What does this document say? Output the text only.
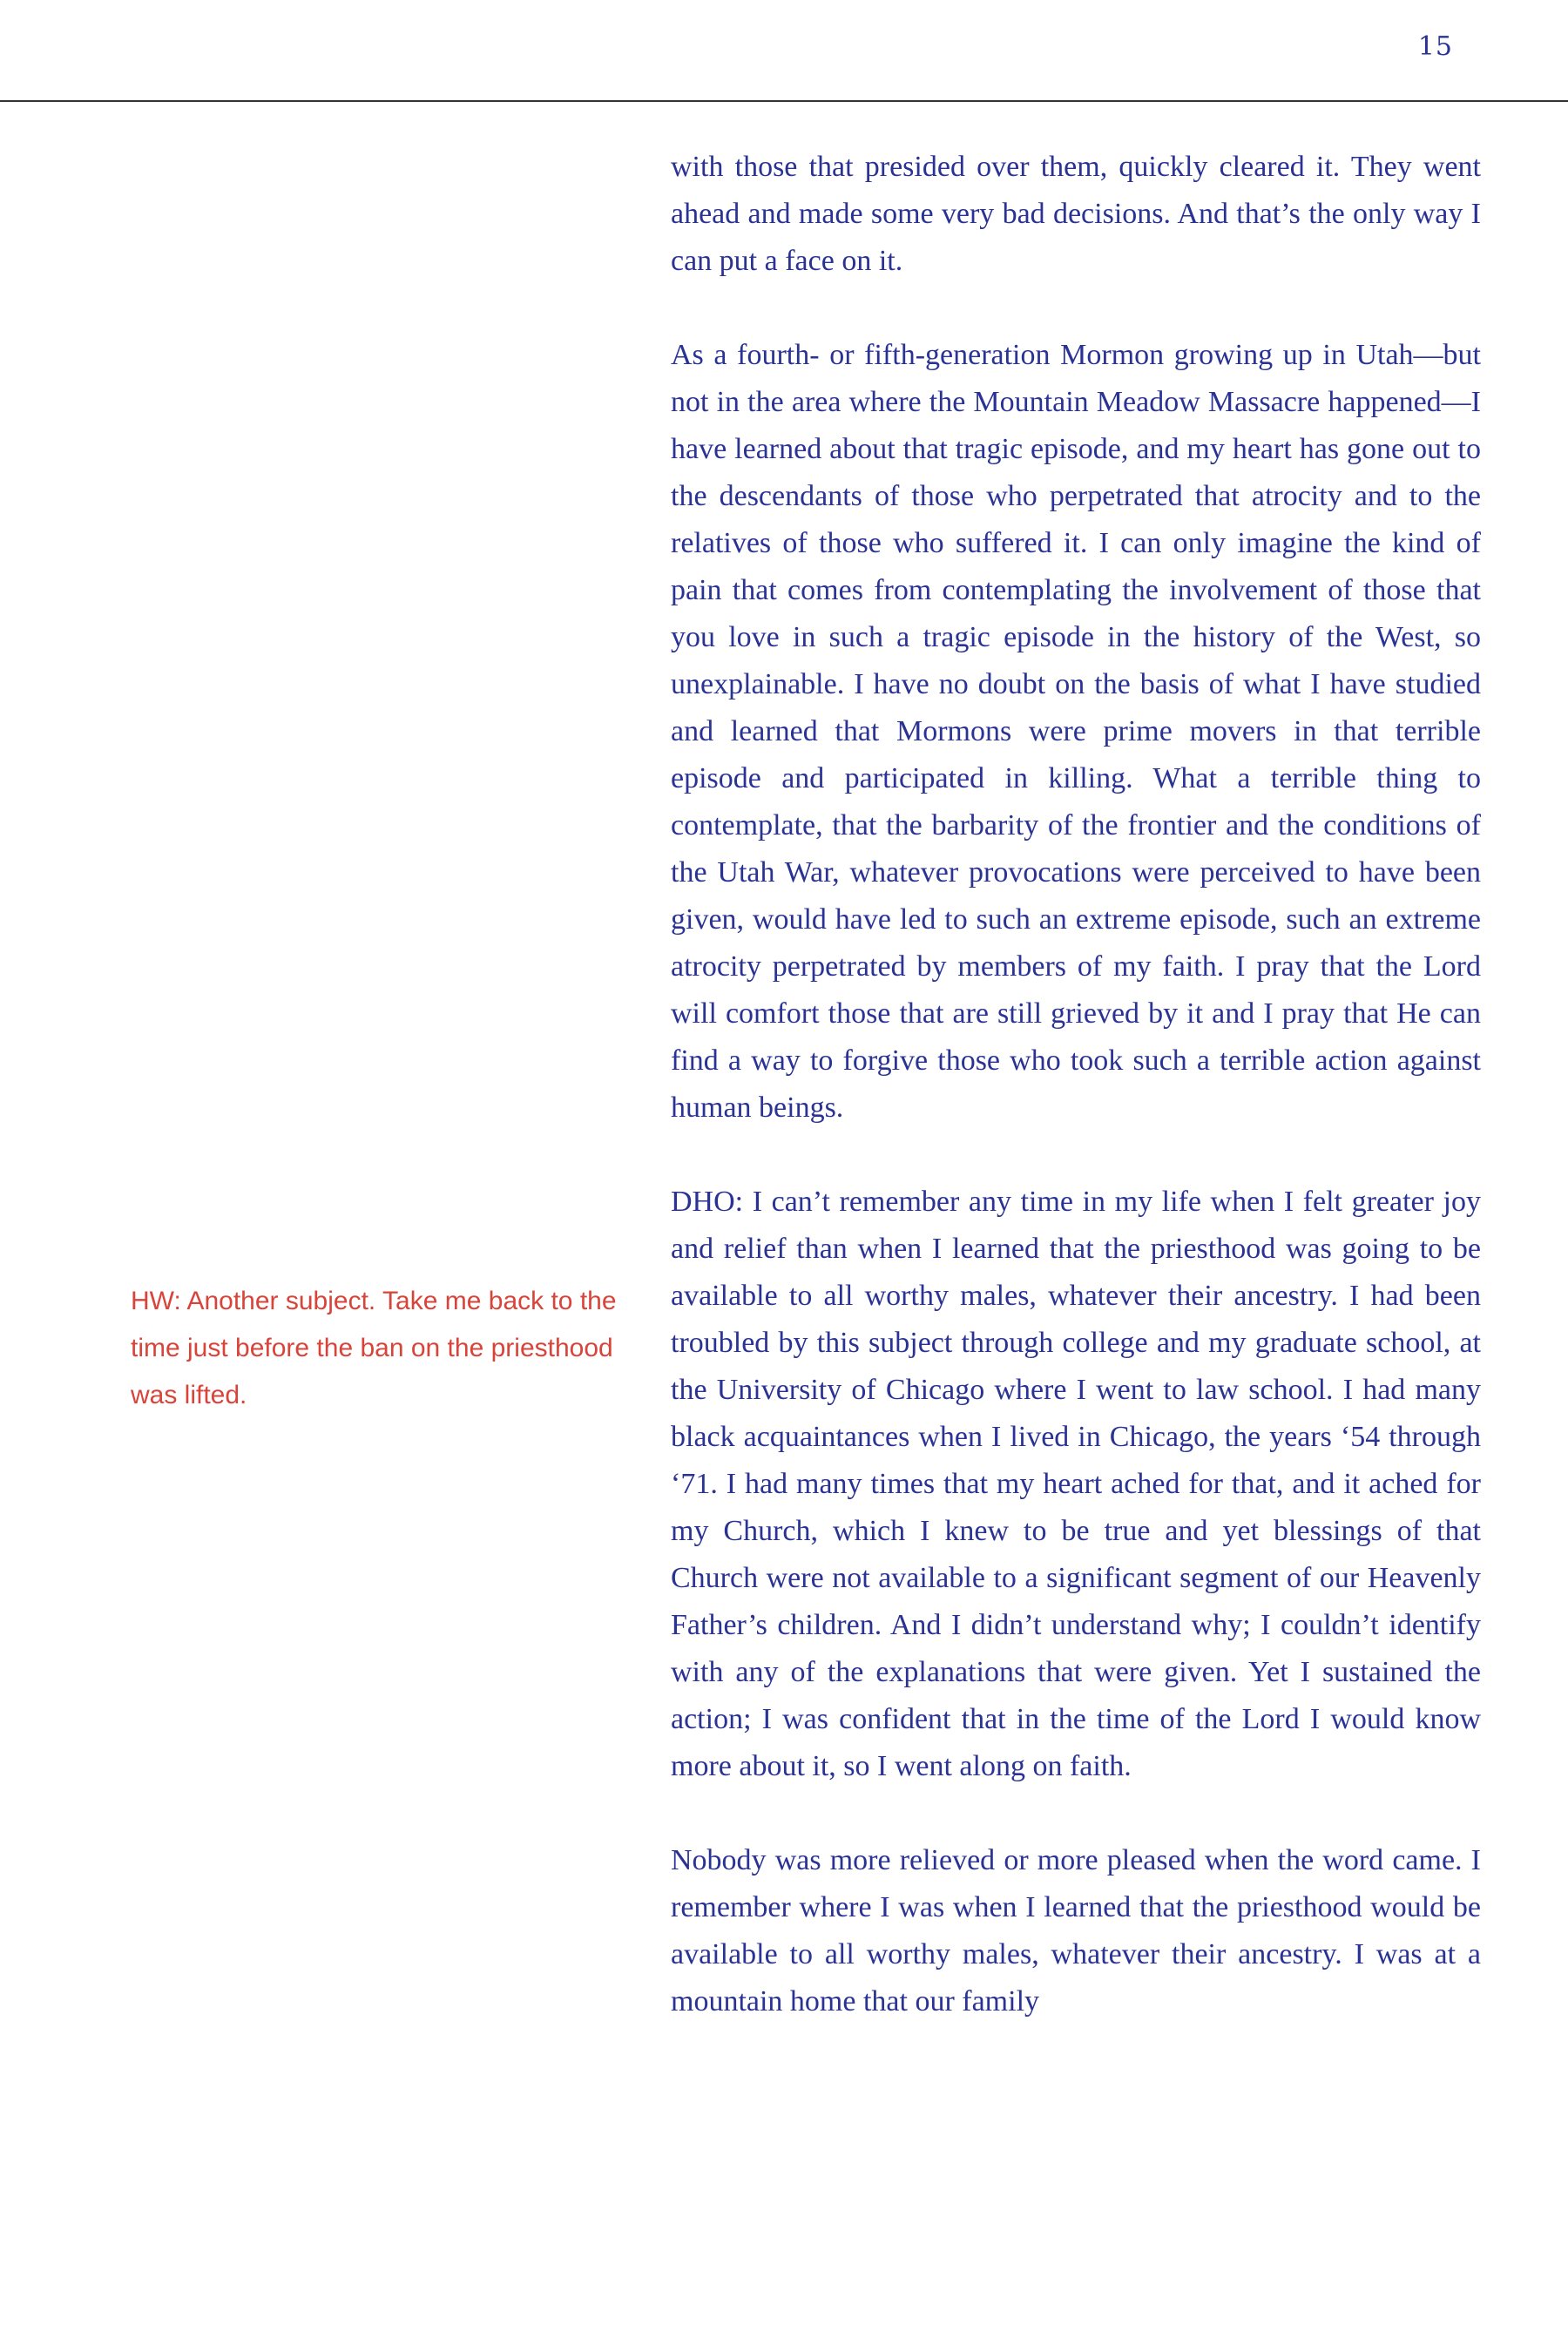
15

HW: Another subject. Take me back to the time just before the ban on the priesthood was lifted.

with those that presided over them, quickly cleared it. They went ahead and made some very bad decisions. And that’s the only way I can put a face on it.

As a fourth- or fifth-generation Mormon growing up in Utah—but not in the area where the Mountain Meadow Massacre happened—I have learned about that tragic episode, and my heart has gone out to the descendants of those who perpetrated that atrocity and to the relatives of those who suffered it. I can only imagine the kind of pain that comes from contemplating the involvement of those that you love in such a tragic episode in the history of the West, so unexplainable. I have no doubt on the basis of what I have studied and learned that Mormons were prime movers in that terrible episode and participated in killing. What a terrible thing to contemplate, that the barbarity of the frontier and the conditions of the Utah War, whatever provocations were perceived to have been given, would have led to such an extreme episode, such an extreme atrocity perpetrated by members of my faith. I pray that the Lord will comfort those that are still grieved by it and I pray that He can find a way to forgive those who took such a terrible action against human beings.

DHO: I can’t remember any time in my life when I felt greater joy and relief than when I learned that the priesthood was going to be available to all worthy males, whatever their ancestry. I had been troubled by this subject through college and my graduate school, at the University of Chicago where I went to law school. I had many black acquaintances when I lived in Chicago, the years ‘54 through ‘71. I had many times that my heart ached for that, and it ached for my Church, which I knew to be true and yet blessings of that Church were not available to a significant segment of our Heavenly Father’s children. And I didn’t understand why; I couldn’t identify with any of the explanations that were given. Yet I sustained the action; I was confident that in the time of the Lord I would know more about it, so I went along on faith.

Nobody was more relieved or more pleased when the word came. I remember where I was when I learned that the priesthood would be available to all worthy males, whatever their ancestry. I was at a mountain home that our family
